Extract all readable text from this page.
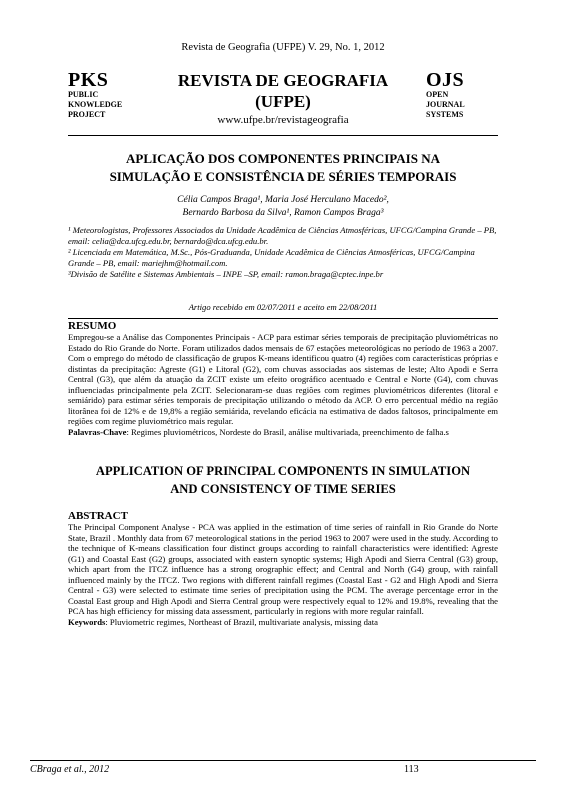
Revista de Geografia (UFPE) V. 29, No. 1, 2012
PKS
PUBLIC
KNOWLEDGE
PROJECT
REVISTA DE GEOGRAFIA
(UFPE)
www.ufpe.br/revistageografia
OJS
OPEN
JOURNAL
SYSTEMS
APLICAÇÃO DOS COMPONENTES PRINCIPAIS NA
SIMULAÇÃO E CONSISTÊNCIA DE SÉRIES TEMPORAIS
Célia Campos Braga¹, Maria José Herculano Macedo²,
Bernardo Barbosa da Silva¹, Ramon Campos Braga³

¹ Meteorologistas, Professores Associados da Unidade Acadêmica de Ciências Atmosféricas, UFCG/Campina Grande – PB, email: celia@dca.ufcg.edu.br, bernardo@dca.ufcg.edu.br.

² Licenciada em Matemática, M.Sc., Pós-Graduanda, Unidade Acadêmica de Ciências Atmosféricas, UFCG/Campina Grande – PB, email: mariejhm@hotmail.com.

³Divisão de Satélite e Sistemas Ambientais – INPE –SP, email: ramon.braga@cptec.inpe.br

Artigo recebido em 02/07/2011 e aceito em 22/08/2011
RESUMO

Empregou-se a Análise das Componentes Principais - ACP para estimar séries temporais de precipitação pluviométricas no Estado do Rio Grande do Norte. Foram utilizados dados mensais de 67 estações meteorológicas no período de 1963 a 2007. Com o emprego do método de classificação de grupos K-means identificou quatro (4) regiões com características próprias e distintas da precipitação: Agreste (G1) e Litoral (G2), com chuvas associadas aos sistemas de leste; Alto Apodi e Serra Central (G3), que além da atuação da ZCIT existe um efeito orográfico acentuado e Central e Norte (G4), com chuvas influenciadas principalmente pela ZCIT. Selecionaram-se duas regiões com regimes pluviométricos diferentes (litoral e semiárido) para estimar séries temporais de precipitação utilizando o método da ACP. O erro percentual médio na região litorânea foi de 12% e de 19,8% a região semiárida, revelando eficácia na estimativa de dados faltosos, principalmente em regiões com regime pluviométrico mais regular.

Palavras-Chave: Regimes pluviométricos, Nordeste do Brasil, análise multivariada, preenchimento de falha.s

APPLICATION OF PRINCIPAL COMPONENTS IN SIMULATION
AND CONSISTENCY OF TIME SERIES
ABSTRACT

The Principal Component Analyse - PCA was applied in the estimation of time series of rainfall in Rio Grande do Norte State, Brazil . Monthly data from 67 meteorological stations in the period 1963 to 2007 were used in the study. According to the technique of K-means classification four distinct groups according to rainfall characteristics were identified: Agreste (G1) and Coastal East (G2) groups, associated with eastern synoptic systems; High Apodi and Sierra Central (G3) group, which apart from the ITCZ influence has a strong orographic effect; and Central and North (G4) group, with rainfall influenced mainly by the ITCZ. Two regions with different rainfall regimes (Coastal East - G2 and High Apodi and Sierra Central - G3) were selected to estimate time series of precipitation using the PCM. The average percentage error in the Coastal East group and High Apodi and Sierra Central group were respectively equal to 12% and 19.8%, revealing that the PCA has high efficiency for missing data assessment, particularly in regions with more regular rainfall.

Keywords: Pluviometric regimes, Northeast of Brazil, multivariate analysis, missing data

CBraga et al., 2012	113
